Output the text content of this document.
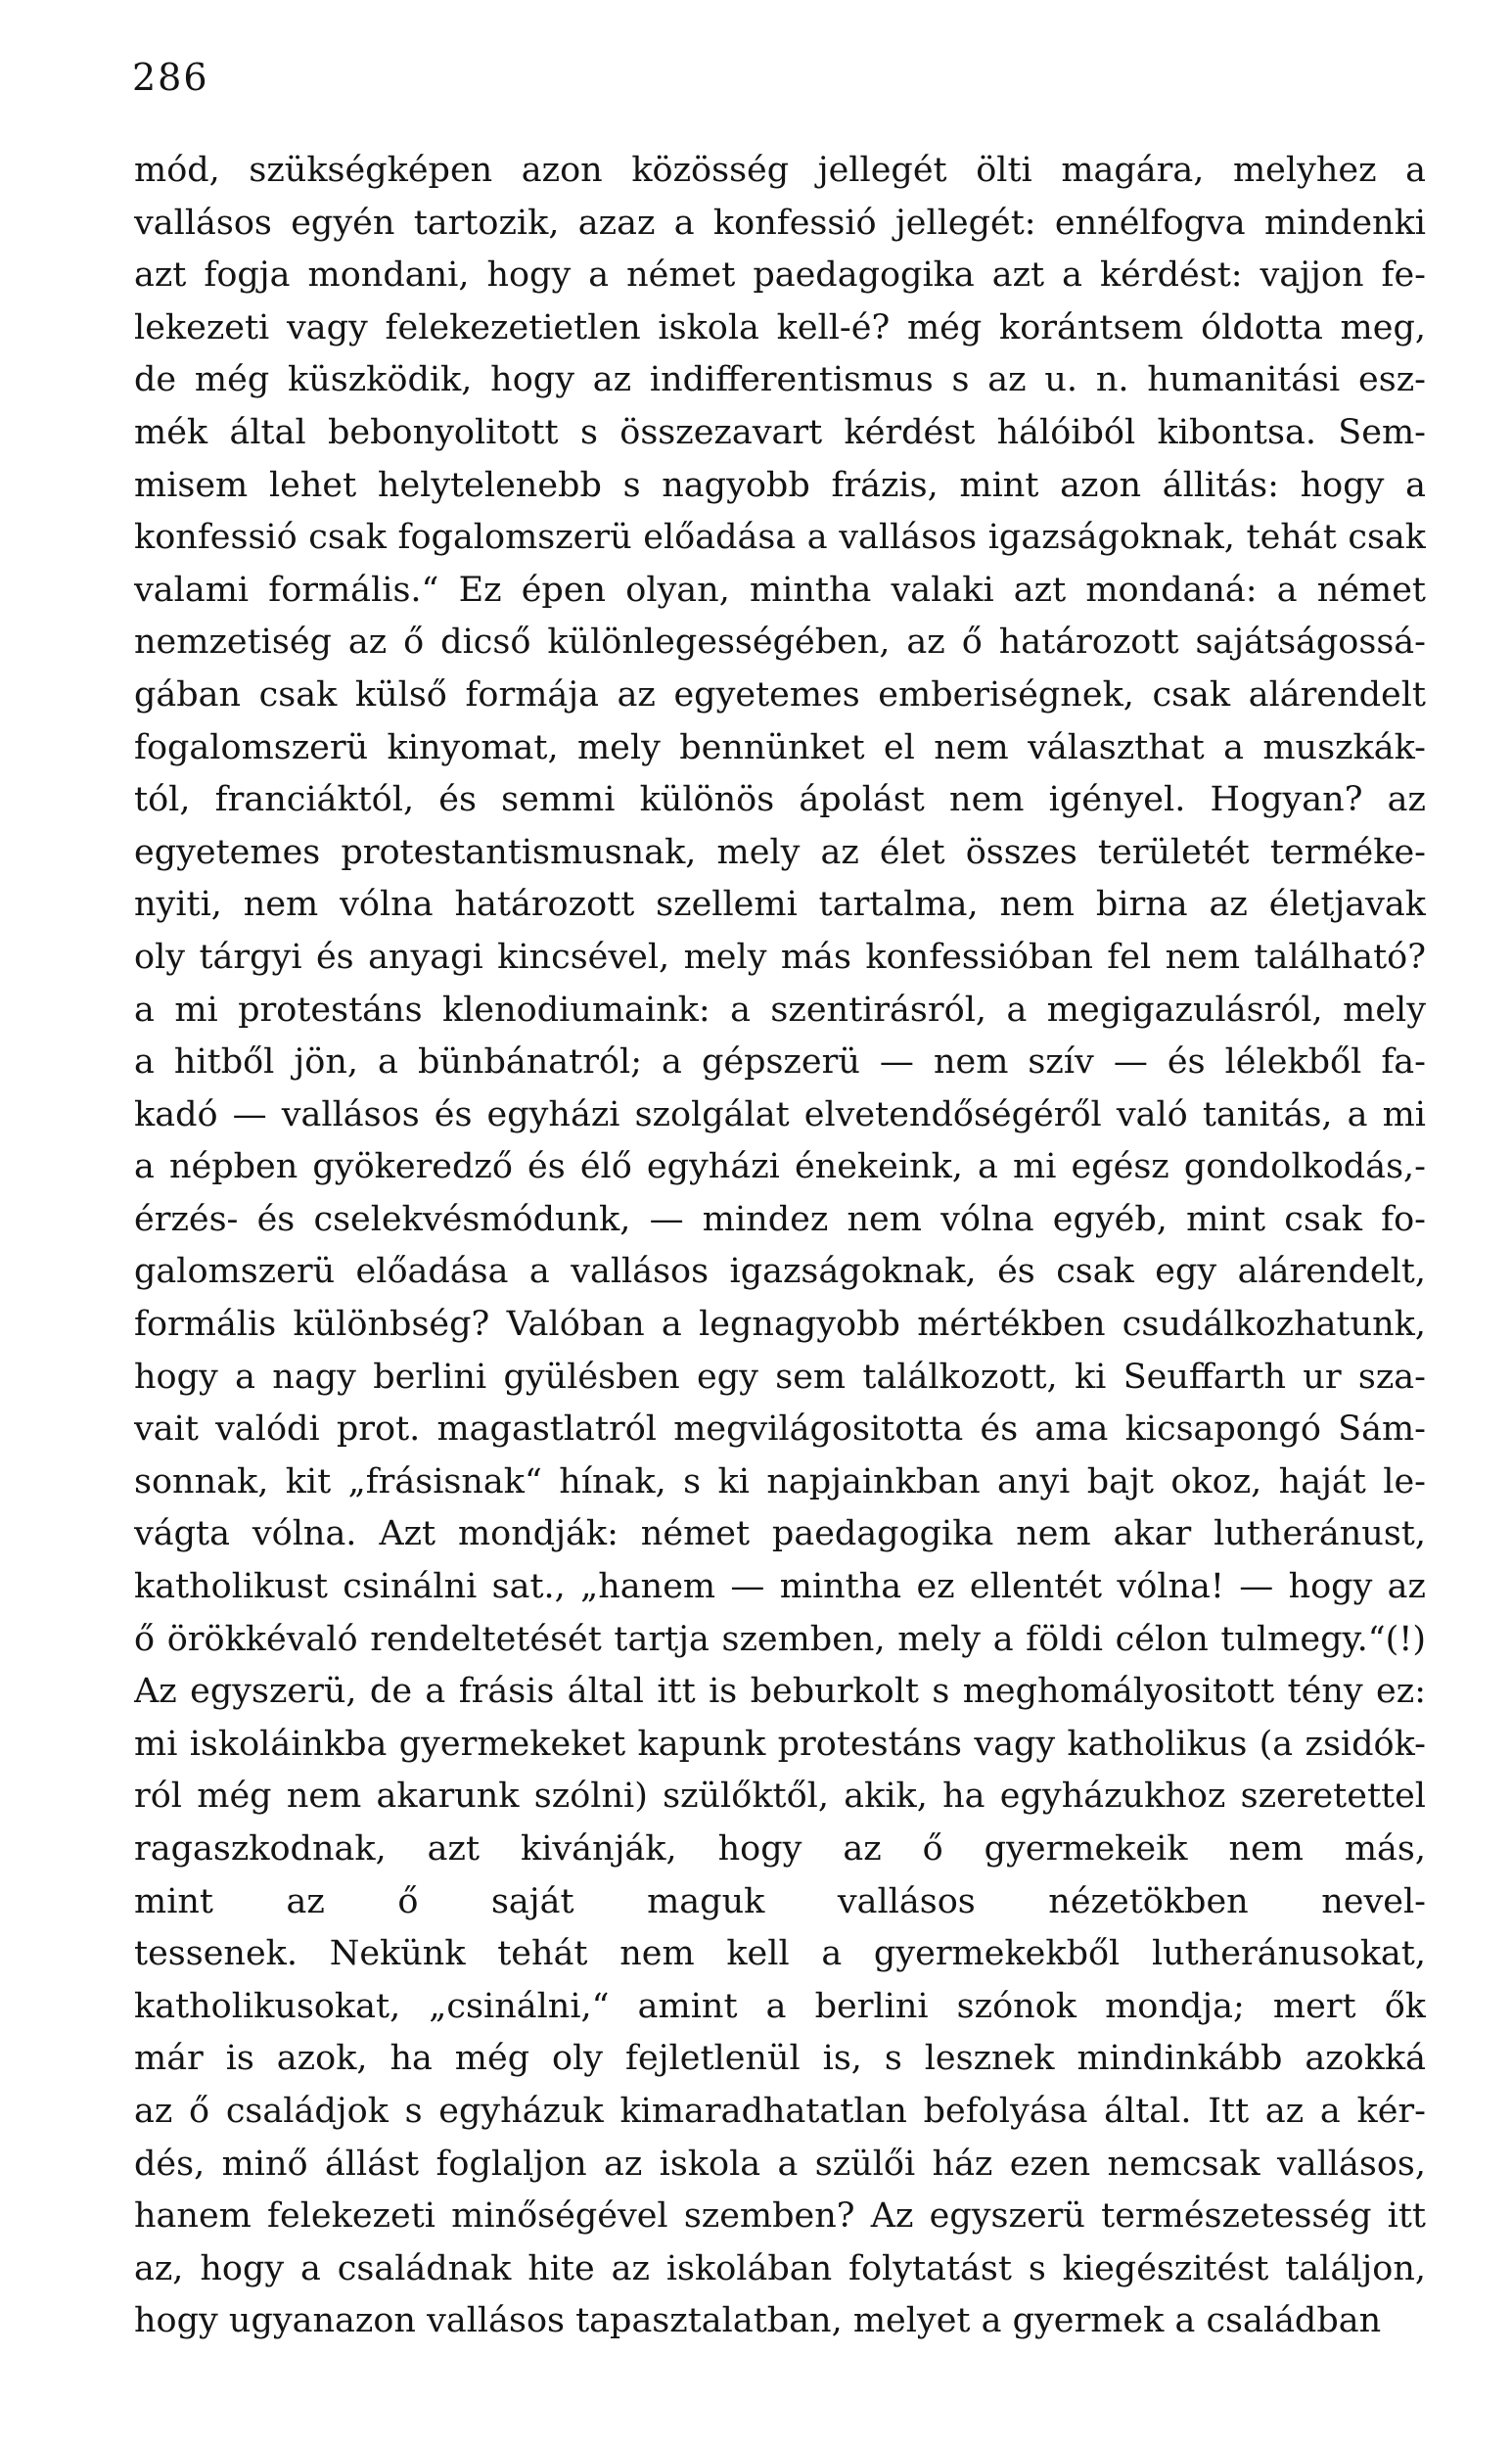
286
mód, szükségképen azon közösség jellegét ölti magára, melyhez a
vallásos egyén tartozik, azaz a konfessió jellegét: ennélfogva mindenki
azt fogja mondani, hogy a német paedagogika azt a kérdést: vajjon fe-
lekezeti vagy felekezetietlen iskola kell-é? még korántsem óldotta meg,
de még küszködik, hogy az indifferentismus s az u. n. humanitási esz-
mék által bebonyolitott s összezavart kérdést hálóiból kibontsa. Sem-
misem lehet helytelenebb s nagyobb frázis, mint azon állitás: hogy a
konfessió csak fogalomszerü előadása a vallásos igazságoknak, tehát csak
valami formális.“ Ez épen olyan, mintha valaki azt mondaná: a német
nemzetiség az ő dicső különlegességében, az ő határozott sajátságossá-
gában csak külső formája az egyetemes emberiségnek, csak alárendelt
fogalomszerü kinyomat, mely bennünket el nem választhat a muszkák-
tól, franciáktól, és semmi különös ápolást nem igényel. Hogyan? az
egyetemes protestantismusnak, mely az élet összes területét terméke-
nyiti, nem vólna határozott szellemi tartalma, nem birna az életjavak
oly tárgyi és anyagi kincsével, mely más konfessióban fel nem található?
a mi protestáns klenodiumaink: a szentirásról, a megigazulásról, mely
a hitből jön, a bünbánatról; a gépszerü — nem szív — és lélekből fa-
kadó — vallásos és egyházi szolgálat elvetendőségéről való tanitás, a mi
a népben gyökeredző és élő egyházi énekeink, a mi egész gondolkodás,-
érzés- és cselekvésmódunk, — mindez nem vólna egyéb, mint csak fo-
galomszerü előadása a vallásos igazságoknak, és csak egy alárendelt,
formális különbség? Valóban a legnagyobb mértékben csudálkozhatunk,
hogy a nagy berlini gyülésben egy sem találkozott, ki Seuffarth ur sza-
vait valódi prot. magastlatról megvilágositotta és ama kicsapongó Sám-
sonnak, kit „frásisnak“ hínak, s ki napjainkban anyi bajt okoz, haját le-
vágta vólna. Azt mondják: német paedagogika nem akar lutheránust,
katholikust csinálni sat., „hanem — mintha ez ellentét vólna! — hogy az
ő örökkévaló rendeltetését tartja szemben, mely a földi célon tulmegy.“(!)
Az egyszerü, de a frásis által itt is beburkolt s meghomályositott tény ez:
mi iskoláinkba gyermekeket kapunk protestáns vagy katholikus (a zsidók-
ról még nem akarunk szólni) szülőktől, akik, ha egyházukhoz szeretettel
ragaszkodnak, azt kivánják, hogy az ő gyermekeik nem más,
mint az ő saját maguk vallásos nézetökben nevel-
tessenek. Nekünk tehát nem kell a gyermekekből lutheránusokat,
katholikusokat, „csinálni,“ amint a berlini szónok mondja; mert ők
már is azok, ha még oly fejletlenül is, s lesznek mindinkább azokká
az ő családjok s egyházuk kimaradhatatlan befolyása által. Itt az a kér-
dés, minő állást foglaljon az iskola a szülői ház ezen nemcsak vallásos,
hanem felekezeti minőségével szemben? Az egyszerü természetesség itt
az, hogy a családnak hite az iskolában folytatást s kiegészitést találjon,
hogy ugyanazon vallásos tapasztalatban, melyet a gyermek a családban
